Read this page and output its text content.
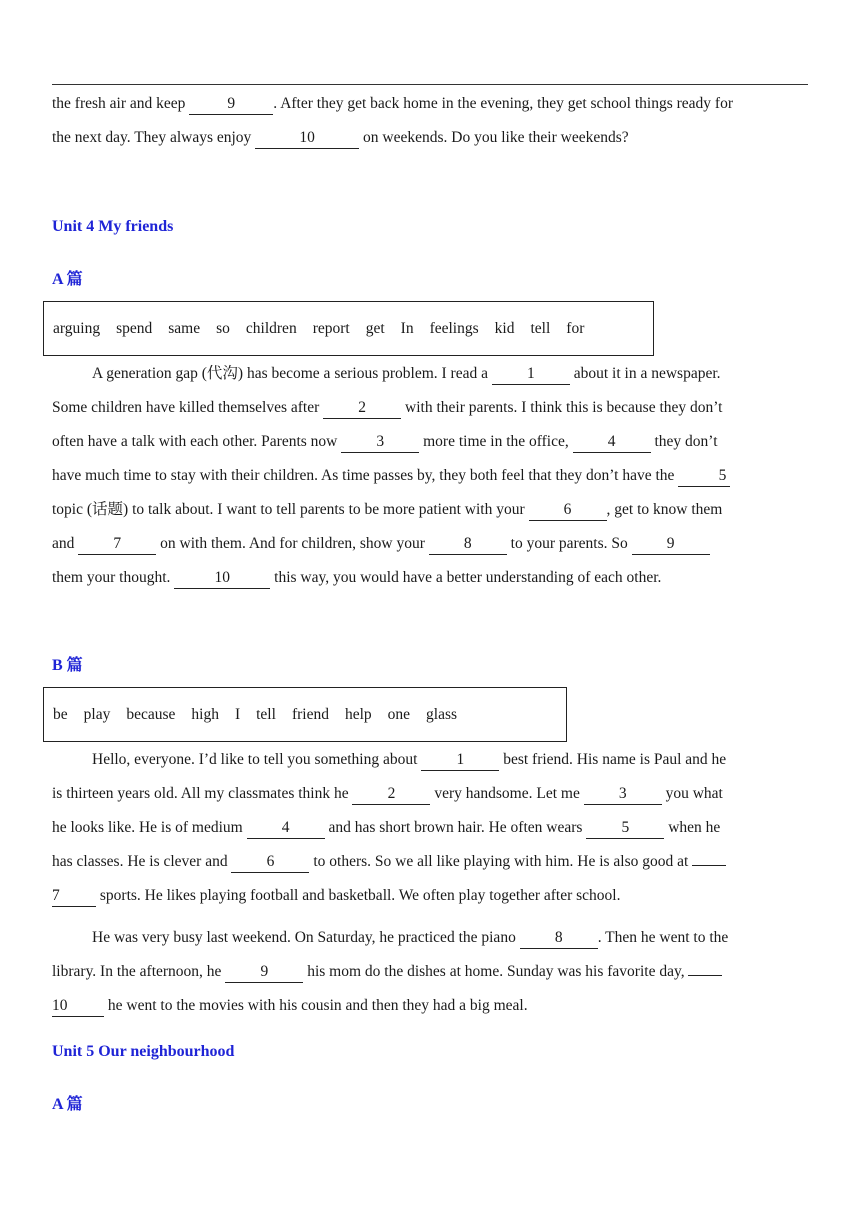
the fresh air and keep 9 . After they get back home in the evening, they get school things ready for
the next day. They always enjoy	10	on weekends. Do you like their weekends?
Unit 4 My friends
A 篇
arguing spend same so children report get In feelings kid tell for
A generation gap (代沟) has become a serious problem. I read a 1 about it in a newspaper.
Some children have killed themselves after 2 with their parents. I think this is because they don’t
often have a talk with each other. Parents now 3 more time in the office, 4 they don’t
have much time to stay with their children. As time passes by, they both feel that they don’t have the	5
topic (话题) to talk about. I want to tell parents to be more patient with your 6 , get to know them
and 7 on with them. And for children, show your 8 to your parents. So 9
them your thought.	10	this way, you would have a better understanding of each other.
B 篇
be play because high I tell friend help one glass
Hello, everyone. I’d like to tell you something about 1 best friend. His name is Paul and he
is thirteen years old. All my classmates think he 2 very handsome. Let me 3 you what
he looks like. He is of medium 4 and has short brown hair. He often wears 5 when he
has classes. He is clever and 6 to others. So we all like playing with him. He is also good at
7 sports. He likes playing football and basketball. We often play together after school.
He was very busy last weekend. On Saturday, he practiced the piano 8 . Then he went to the
library. In the afternoon, he 9 his mom do the dishes at home. Sunday was his favorite day,
10 he went to the movies with his cousin and then they had a big meal.
Unit 5 Our neighbourhood
A 篇
